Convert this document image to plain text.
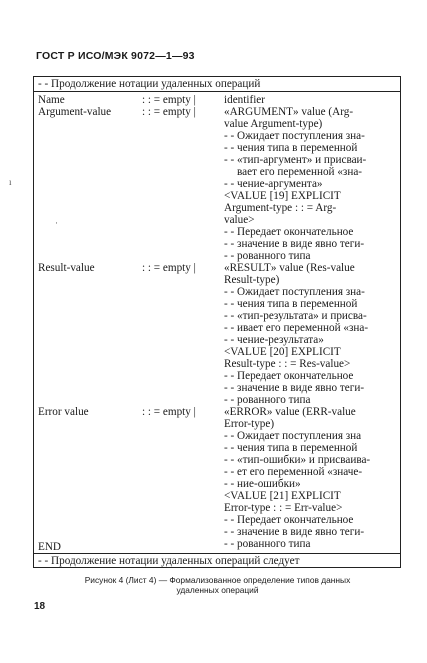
ГОСТ Р ИСО/МЭК 9072—1—93
- - Продолжение нотации удаленных операций
Name	: : = empty |	identifier
Argument-value	: : = empty |	«ARGUMENT» value (Arg-
value Argument-type)
- - Ожидает поступления зна-
- - чения типа в переменной
- - «тип-аргумент» и присваи-
вает его переменной «зна-
- - чение-аргумента»
<VALUE [19] EXPLICIT
Argument-type : : = Arg-
value>
- - Передает окончательное
- - значение в виде явно теги-
- - рованного типа
Result-value	: : = empty |	«RESULT» value (Res-value
Result-type)
- - Ожидает поступления зна-
- - чения типа в переменной
- - «тип-результата» и присва-
- - ивает его переменной «зна-
- - чение-результата»
<VALUE [20] EXPLICIT
Result-type : : = Res-value>
- - Передает окончательное
- - значение в виде явно теги-
- - рованного типа
Error value	: : = empty |	«ERROR» value (ERR-value
Error-type)
- - Ожидает поступления зна
- - чения типа в переменной
- - «тип-ошибки» и присваива-
- - ет его переменной «значе-
- - ние-ошибки»
<VALUE [21] EXPLICIT
Error-type : : = Err-value>
- - Передает окончательное
- - значение в виде явно теги-
- - рованного типа
END
- - Продолжение нотации удаленных операций следует
ı
·
Рисунок 4 (Лист 4) — Формализованное определение типов данных
удаленных операций
18
